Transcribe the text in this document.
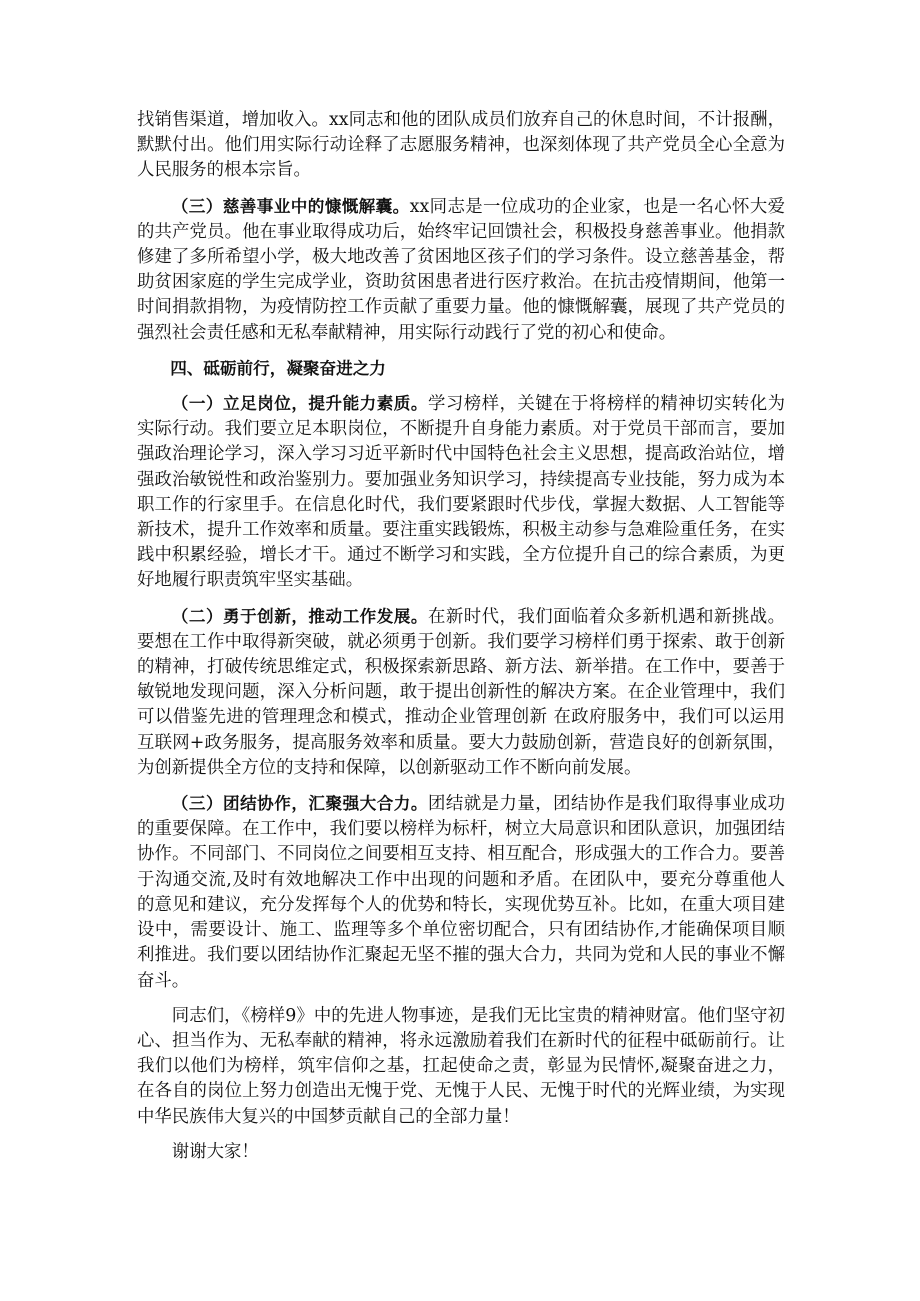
找销售渠道，增加收入。xx同志和他的团队成员们放弃自己的休息时间，不计报酬，默默付出。他们用实际行动诠释了志愿服务精神，也深刻体现了共产党员全心全意为人民服务的根本宗旨。

（三）慈善事业中的慷慨解囊。xx同志是一位成功的企业家，也是一名心怀大爱的共产党员。他在事业取得成功后，始终牢记回馈社会，积极投身慈善事业。他捐款修建了多所希望小学，极大地改善了贫困地区孩子们的学习条件。设立慈善基金，帮助贫困家庭的学生完成学业，资助贫困患者进行医疗救治。在抗击疫情期间，他第一时间捐款捐物，为疫情防控工作贡献了重要力量。他的慷慨解囊，展现了共产党员的强烈社会责任感和无私奉献精神，用实际行动践行了党的初心和使命。

四、砥砺前行，凝聚奋进之力

（一）立足岗位，提升能力素质。学习榜样，关键在于将榜样的精神切实转化为实际行动。我们要立足本职岗位，不断提升自身能力素质。对于党员干部而言，要加强政治理论学习，深入学习习近平新时代中国特色社会主义思想，提高政治站位，增强政治敏锐性和政治鉴别力。要加强业务知识学习，持续提高专业技能，努力成为本职工作的行家里手。在信息化时代，我们要紧跟时代步伐，掌握大数据、人工智能等新技术，提升工作效率和质量。要注重实践锻炼，积极主动参与急难险重任务，在实践中积累经验，增长才干。通过不断学习和实践，全方位提升自己的综合素质，为更好地履行职责筑牢坚实基础。

（二）勇于创新，推动工作发展。在新时代，我们面临着众多新机遇和新挑战。要想在工作中取得新突破，就必须勇于创新。我们要学习榜样们勇于探索、敢于创新的精神，打破传统思维定式，积极探索新思路、新方法、新举措。在工作中，要善于敏锐地发现问题，深入分析问题，敢于提出创新性的解决方案。在企业管理中，我们可以借鉴先进的管理理念和模式，推动企业管理创新 在政府服务中，我们可以运用互联网+政务服务，提高服务效率和质量。要大力鼓励创新，营造良好的创新氛围，为创新提供全方位的支持和保障，以创新驱动工作不断向前发展。

（三）团结协作，汇聚强大合力。团结就是力量，团结协作是我们取得事业成功的重要保障。在工作中，我们要以榜样为标杆，树立大局意识和团队意识，加强团结协作。不同部门、不同岗位之间要相互支持、相互配合，形成强大的工作合力。要善于沟通交流,及时有效地解决工作中出现的问题和矛盾。在团队中，要充分尊重他人的意见和建议，充分发挥每个人的优势和特长，实现优势互补。比如，在重大项目建设中，需要设计、施工、监理等多个单位密切配合，只有团结协作,才能确保项目顺利推进。我们要以团结协作汇聚起无坚不摧的强大合力，共同为党和人民的事业不懈奋斗。

同志们，《榜样9》中的先进人物事迹，是我们无比宝贵的精神财富。他们坚守初心、担当作为、无私奉献的精神，将永远激励着我们在新时代的征程中砥砺前行。让我们以他们为榜样，筑牢信仰之基，扛起使命之责，彰显为民情怀,凝聚奋进之力，在各自的岗位上努力创造出无愧于党、无愧于人民、无愧于时代的光辉业绩，为实现中华民族伟大复兴的中国梦贡献自己的全部力量！

谢谢大家！
